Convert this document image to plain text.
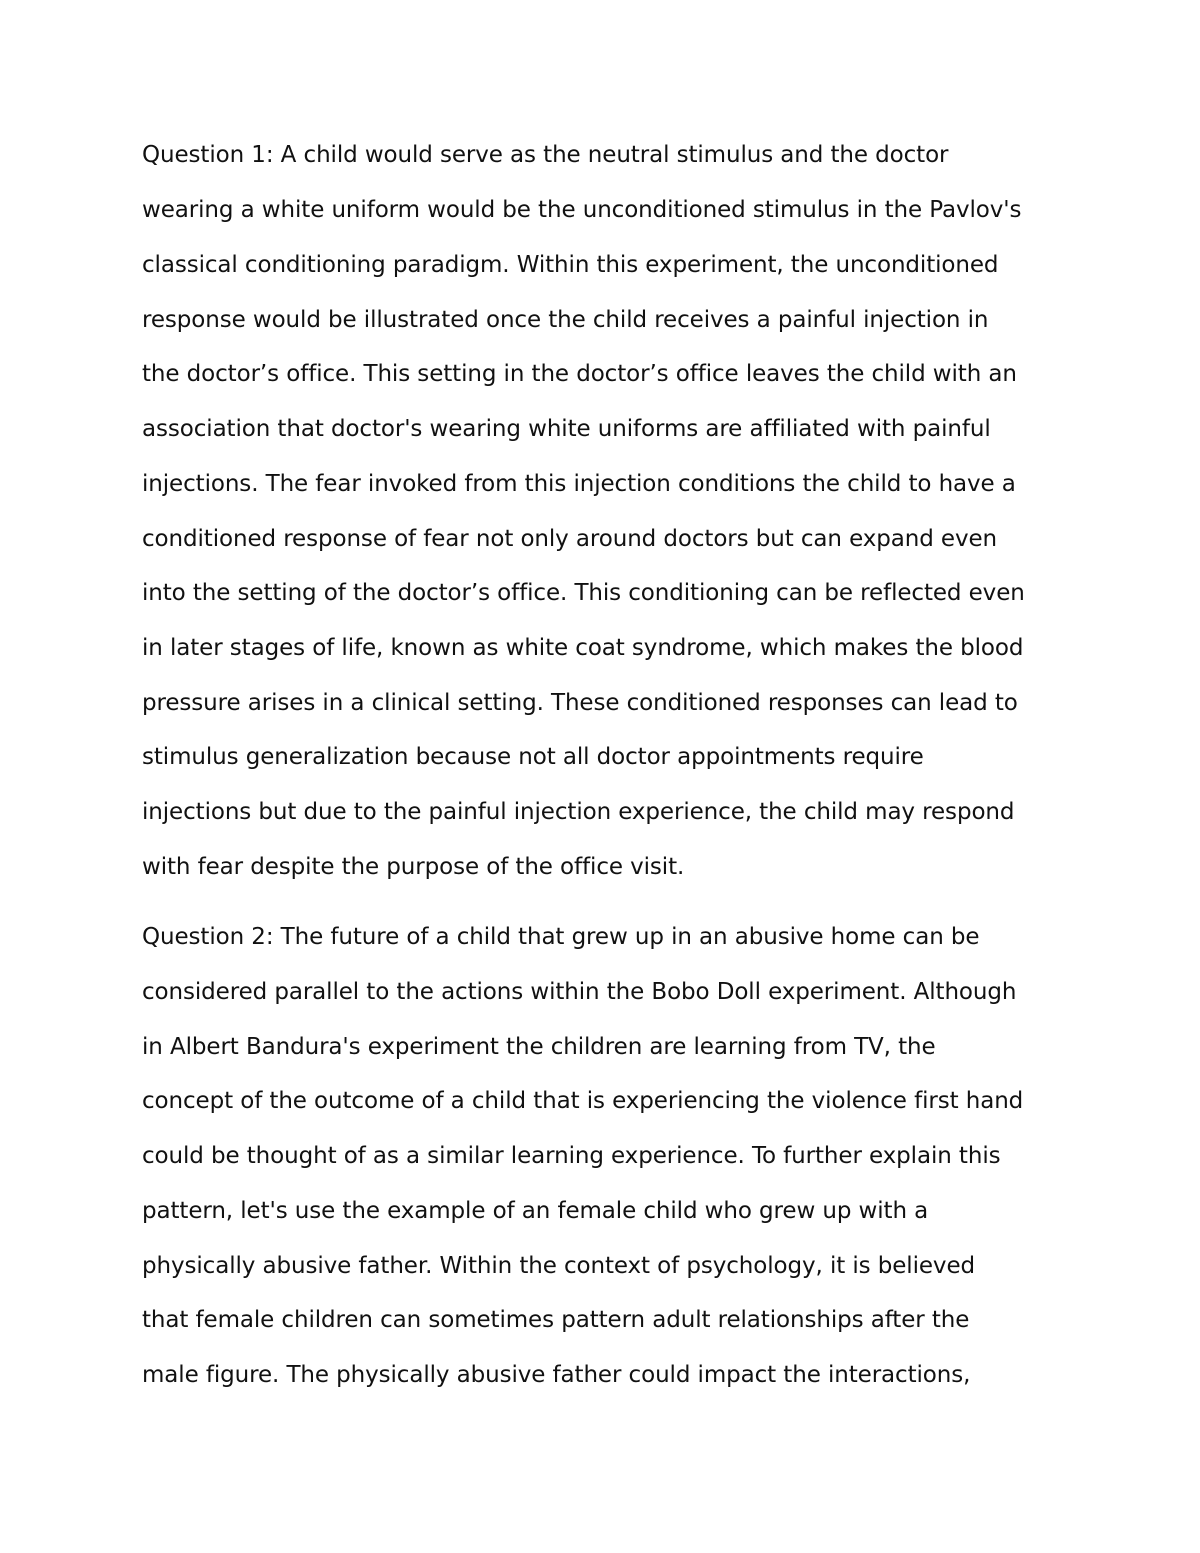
Question 1: A child would serve as the neutral stimulus and the doctor
wearing a white uniform would be the unconditioned stimulus in the Pavlov's
classical conditioning paradigm. Within this experiment, the unconditioned
response would be illustrated once the child receives a painful injection in
the doctor’s office. This setting in the doctor’s office leaves the child with an
association that doctor's wearing white uniforms are affiliated with painful
injections. The fear invoked from this injection conditions the child to have a
conditioned response of fear not only around doctors but can expand even
into the setting of the doctor’s office. This conditioning can be reflected even
in later stages of life, known as white coat syndrome, which makes the blood
pressure arises in a clinical setting. These conditioned responses can lead to
stimulus generalization because not all doctor appointments require
injections but due to the painful injection experience, the child may respond
with fear despite the purpose of the office visit.
Question 2: The future of a child that grew up in an abusive home can be
considered parallel to the actions within the Bobo Doll experiment. Although
in Albert Bandura's experiment the children are learning from TV, the
concept of the outcome of a child that is experiencing the violence first hand
could be thought of as a similar learning experience. To further explain this
pattern, let's use the example of an female child who grew up with a
physically abusive father. Within the context of psychology, it is believed
that female children can sometimes pattern adult relationships after the
male figure. The physically abusive father could impact the interactions,
